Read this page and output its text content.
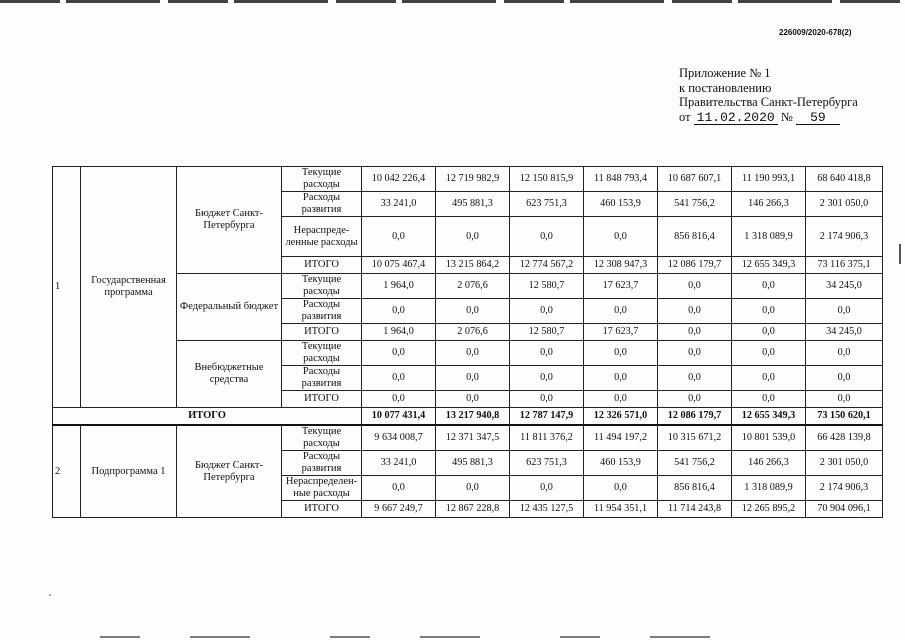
226009/2020-678(2)
Приложение № 1
к постановлению
Правительства Санкт-Петербурга
от 11.02.2020 № 59
1	Государственная программа	Бюджет Санкт-Петербурга	Текущие расходы	10 042 226,4	12 719 982,9	12 150 815,9	11 848 793,4	10 687 607,1	11 190 993,1	68 640 418,8
			Расходы развития	33 241,0	495 881,3	623 751,3	460 153,9	541 756,2	146 266,3	2 301 050,0
			Нераспреде-ленные расходы	0,0	0,0	0,0	0,0	856 816,4	1 318 089,9	2 174 906,3
			ИТОГО	10 075 467,4	13 215 864,2	12 774 567,2	12 308 947,3	12 086 179,7	12 655 349,3	73 116 375,1
		Федеральный бюджет	Текущие расходы	1 964,0	2 076,6	12 580,7	17 623,7	0,0	0,0	34 245,0
			Расходы развития	0,0	0,0	0,0	0,0	0,0	0,0	0,0
			ИТОГО	1 964,0	2 076,6	12 580,7	17 623,7	0,0	0,0	34 245,0
		Внебюджетные средства	Текущие расходы	0,0	0,0	0,0	0,0	0,0	0,0	0,0
			Расходы развития	0,0	0,0	0,0	0,0	0,0	0,0	0,0
			ИТОГО	0,0	0,0	0,0	0,0	0,0	0,0	0,0
ИТОГО				10 077 431,4	13 217 940,8	12 787 147,9	12 326 571,0	12 086 179,7	12 655 349,3	73 150 620,1
2	Подпрограмма 1	Бюджет Санкт-Петербурга	Текущие расходы	9 634 008,7	12 371 347,5	11 811 376,2	11 494 197,2	10 315 671,2	10 801 539,0	66 428 139,8
			Расходы развития	33 241,0	495 881,3	623 751,3	460 153,9	541 756,2	146 266,3	2 301 050,0
			Нераспределен-ные расходы	0,0	0,0	0,0	0,0	856 816,4	1 318 089,9	2 174 906,3
			ИТОГО	9 667 249,7	12 867 228,8	12 435 127,5	11 954 351,1	11 714 243,8	12 265 895,2	70 904 096,1
